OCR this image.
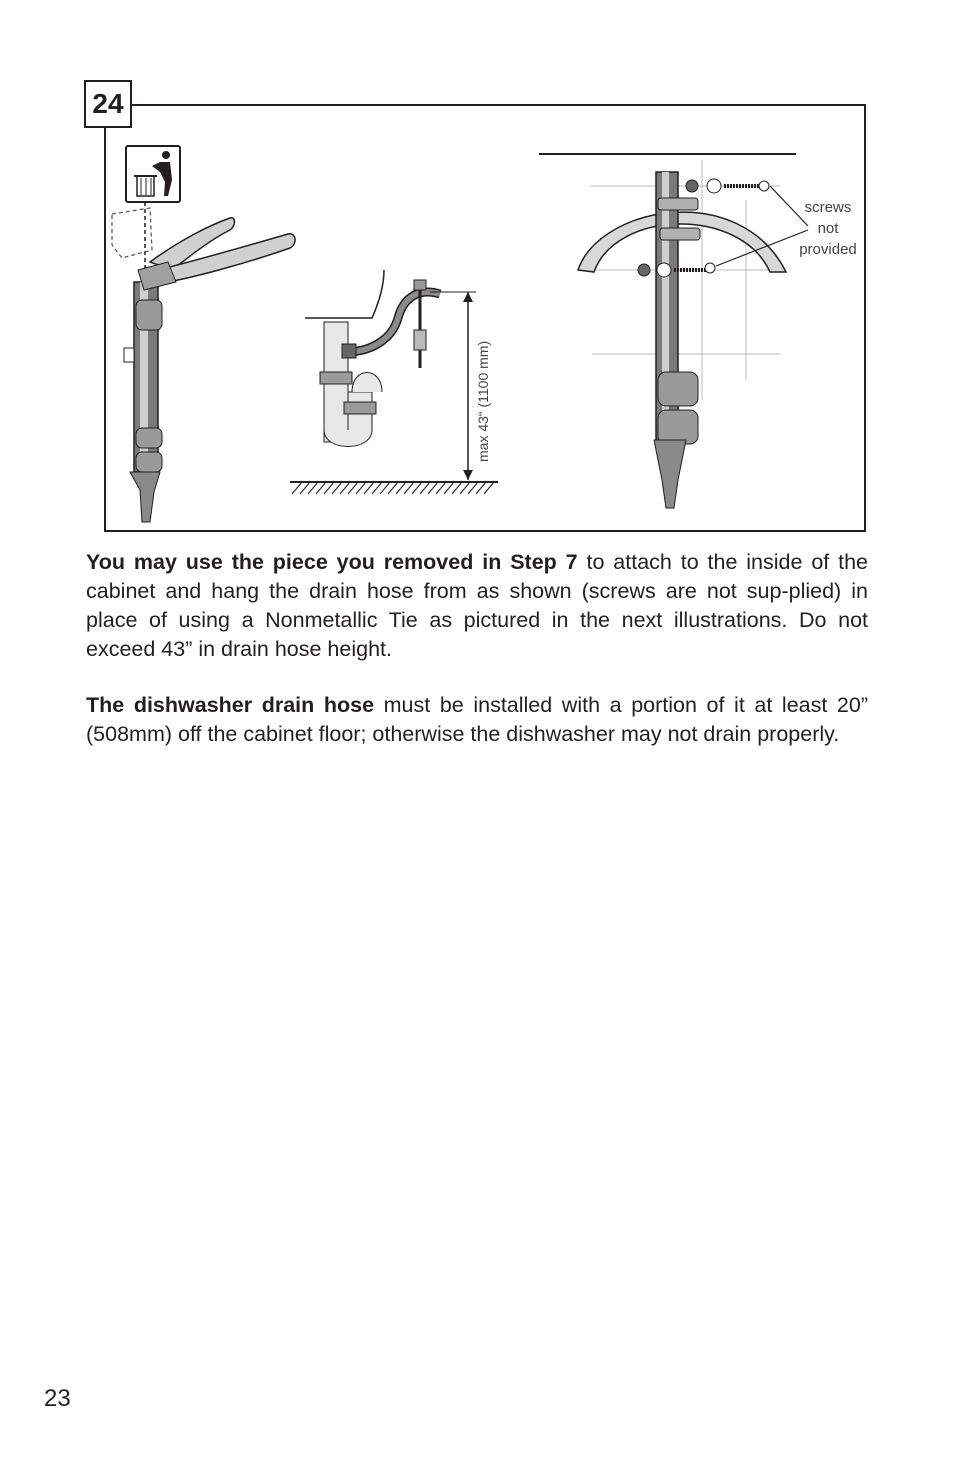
24
max 43“ (1100 mm)
screws
not
provided

You may use the piece you removed in Step 7 to attach to the inside of the cabinet and hang the drain hose from as shown (screws are not sup-plied) in place of using a Nonmetallic Tie as pictured in the next illustrations. Do not exceed 43” in drain hose height.

The dishwasher drain hose must be installed with a portion of it at least 20” (508mm) off the cabinet floor; otherwise the dishwasher may not drain properly.

23
